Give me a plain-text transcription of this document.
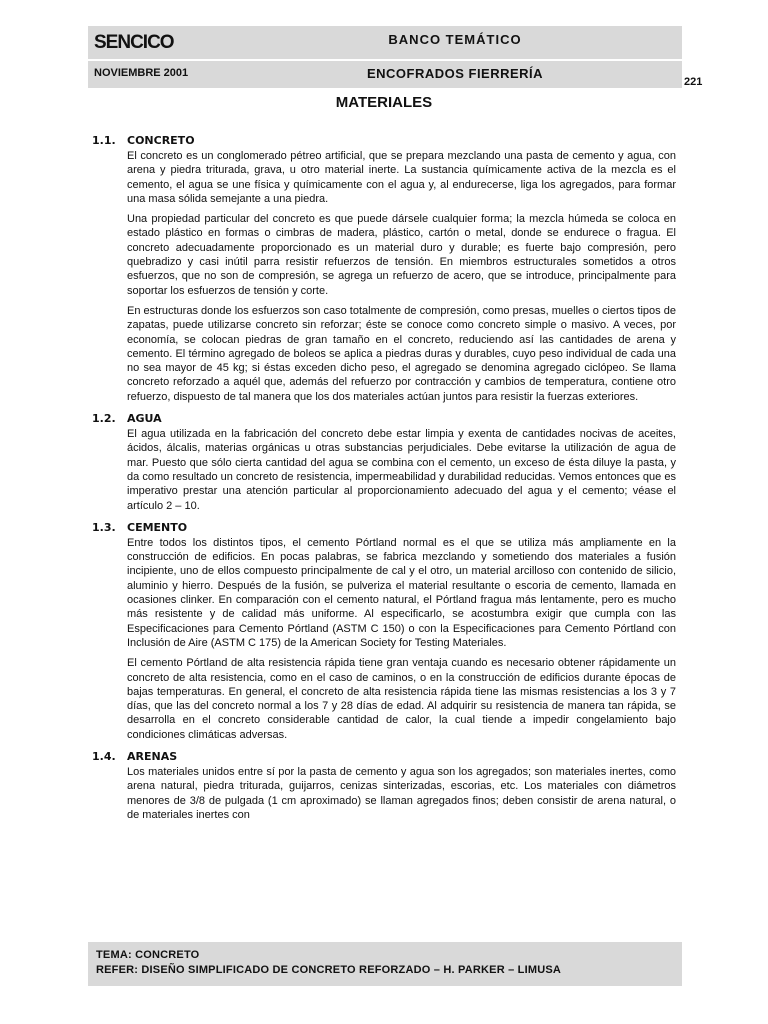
SENCICO	BANCO TEMÁTICO
NOVIEMBRE 2001	ENCOFRADOS FIERRERÍA
221
MATERIALES
1.1.	CONCRETO

El concreto es un conglomerado pétreo artificial, que se prepara mezclando una pasta de cemento y agua, con arena y piedra triturada, grava, u otro material inerte. La sustancia químicamente activa de la mezcla es el cemento, el agua se une física y químicamente con el agua y, al endurecerse, liga los agregados, para formar una masa sólida semejante a una piedra.

Una propiedad particular del concreto es que puede dársele cualquier forma; la mezcla húmeda se coloca en estado plástico en formas o cimbras de madera, plástico, cartón o metal, donde se endurece o fragua. El concreto adecuadamente proporcionado es un material duro y durable; es fuerte bajo compresión, pero quebradizo y casi inútil parra resistir refuerzos de tensión. En miembros estructurales sometidos a otros esfuerzos, que no son de compresión, se agrega un refuerzo de acero, que se introduce, principalmente para soportar los esfuerzos de tensión y corte.

En estructuras donde los esfuerzos son caso totalmente de compresión, como presas, muelles o ciertos tipos de zapatas, puede utilizarse concreto sin reforzar; éste se conoce como concreto simple o masivo. A veces, por economía, se colocan piedras de gran tamaño en el concreto, reduciendo así las cantidades de arena y cemento. El término agregado de boleos se aplica a piedras duras y durables, cuyo peso individual de cada una no sea mayor de 45 kg; si éstas exceden dicho peso, el agregado se denomina agregado ciclópeo. Se llama concreto reforzado a aquél que, además del refuerzo por contracción y cambios de temperatura, contiene otro refuerzo, dispuesto de tal manera que los dos materiales actúan juntos para resistir la fuerzas exteriores.

1.2.	AGUA

El agua utilizada en la fabricación del concreto debe estar limpia y exenta de cantidades nocivas de aceites, ácidos, álcalis, materias orgánicas u otras substancias perjudiciales. Debe evitarse la utilización de agua de mar. Puesto que sólo cierta cantidad del agua se combina con el cemento, un exceso de ésta diluye la pasta, y da como resultado un concreto de resistencia, impermeabilidad y durabilidad reducidas. Vemos entonces que es imperativo prestar una atención particular al proporcionamiento adecuado del agua y el cemento; véase el artículo 2 – 10.

1.3.	CEMENTO

Entre todos los distintos tipos, el cemento Pórtland normal es el que se utiliza más ampliamente en la construcción de edificios. En pocas palabras, se fabrica mezclando y sometiendo dos materiales a fusión incipiente, uno de ellos compuesto principalmente de cal y el otro, un material arcilloso con contenido de silicio, aluminio y hierro. Después de la fusión, se pulveriza el material resultante o escoria de cemento, llamada en ocasiones clinker. En comparación con el cemento natural, el Pórtland fragua más lentamente, pero es mucho más resistente y de calidad más uniforme. Al especificarlo, se acostumbra exigir que cumpla con las Especificaciones para Cemento Pórtland (ASTM C 150) o con la Especificaciones para Cemento Pórtland con Inclusión de Aire (ASTM C 175) de la American Society for Testing Materiales.

El cemento Pórtland de alta resistencia rápida tiene gran ventaja cuando es necesario obtener rápidamente un concreto de alta resistencia, como en el caso de caminos, o en la construcción de edificios durante épocas de bajas temperaturas. En general, el concreto de alta resistencia rápida tiene las mismas resistencias a los 3 y 7 días, que las del concreto normal a los 7 y 28 días de edad. Al adquirir su resistencia de manera tan rápida, se desarrolla en el concreto considerable cantidad de calor, la cual tiende a impedir congelamiento bajo condiciones climáticas adversas.

1.4.	ARENAS

Los materiales unidos entre sí por la pasta de cemento y agua son los agregados; son materiales inertes, como arena natural, piedra triturada, guijarros, cenizas sinterizadas, escorias, etc. Los materiales con diámetros menores de 3/8 de pulgada (1 cm aproximado) se llaman agregados finos; deben consistir de arena natural, o de materiales inertes con

TEMA: CONCRETO
REFER: DISEÑO SIMPLIFICADO DE CONCRETO REFORZADO – H. PARKER – LIMUSA
